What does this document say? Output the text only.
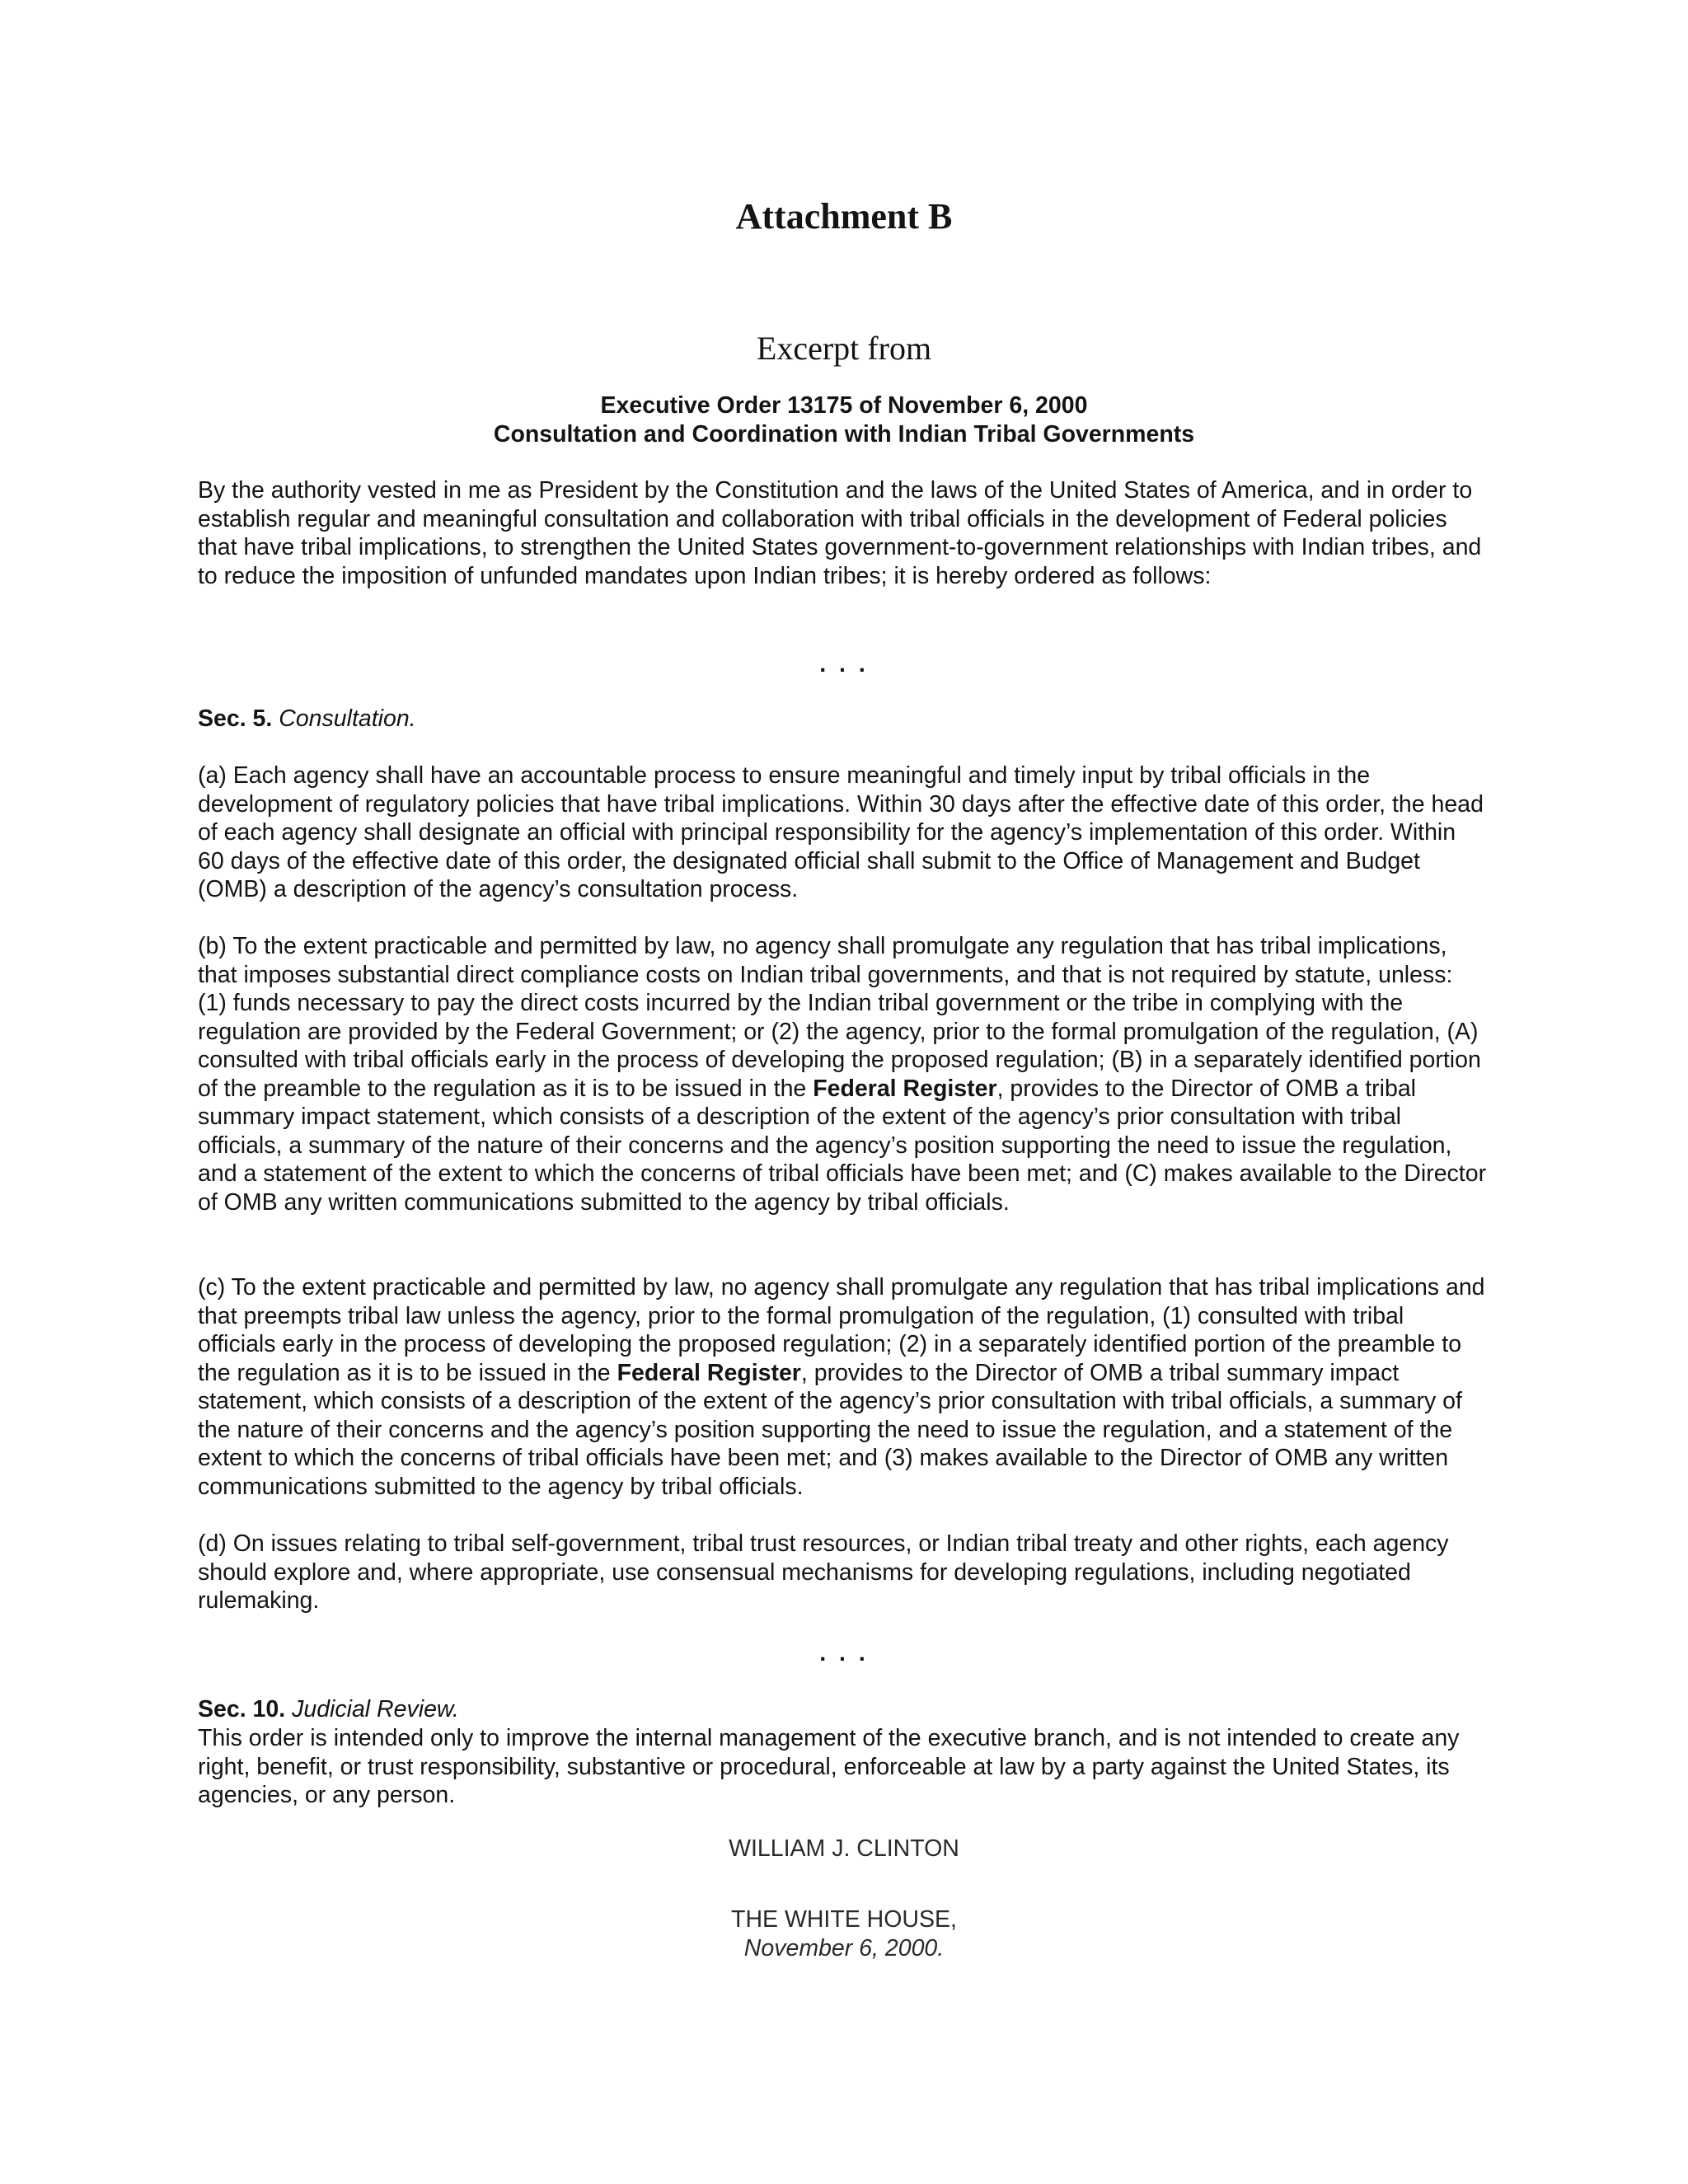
Attachment B

Excerpt from

Executive Order 13175 of November 6, 2000
Consultation and Coordination with Indian Tribal Governments

By the authority vested in me as President by the Constitution and the laws of the United States of America, and in order to establish regular and meaningful consultation and collaboration with tribal officials in the development of Federal policies that have tribal implications, to strengthen the United States government-to-government relationships with Indian tribes, and to reduce the imposition of unfunded mandates upon Indian tribes; it is hereby ordered as follows:

. . .

Sec. 5. Consultation.

(a) Each agency shall have an accountable process to ensure meaningful and timely input by tribal officials in the development of regulatory policies that have tribal implications. Within 30 days after the effective date of this order, the head of each agency shall designate an official with principal responsibility for the agency’s implementation of this order. Within 60 days of the effective date of this order, the designated official shall submit to the Office of Management and Budget (OMB) a description of the agency’s consultation process.

(b) To the extent practicable and permitted by law, no agency shall promulgate any regulation that has tribal implications, that imposes substantial direct compliance costs on Indian tribal governments, and that is not required by statute, unless: (1) funds necessary to pay the direct costs incurred by the Indian tribal government or the tribe in complying with the regulation are provided by the Federal Government; or (2) the agency, prior to the formal promulgation of the regulation, (A) consulted with tribal officials early in the process of developing the proposed regulation; (B) in a separately identified portion of the preamble to the regulation as it is to be issued in the Federal Register, provides to the Director of OMB a tribal summary impact statement, which consists of a description of the extent of the agency’s prior consultation with tribal officials, a summary of the nature of their concerns and the agency’s position supporting the need to issue the regulation, and a statement of the extent to which the concerns of tribal officials have been met; and (C) makes available to the Director of OMB any written communications submitted to the agency by tribal officials.

(c) To the extent practicable and permitted by law, no agency shall promulgate any regulation that has tribal implications and that preempts tribal law unless the agency, prior to the formal promulgation of the regulation, (1) consulted with tribal officials early in the process of developing the proposed regulation; (2) in a separately identified portion of the preamble to the regulation as it is to be issued in the Federal Register, provides to the Director of OMB a tribal summary impact statement, which consists of a description of the extent of the agency’s prior consultation with tribal officials, a summary of the nature of their concerns and the agency’s position supporting the need to issue the regulation, and a statement of the extent to which the concerns of tribal officials have been met; and (3) makes available to the Director of OMB any written communications submitted to the agency by tribal officials.

(d) On issues relating to tribal self-government, tribal trust resources, or Indian tribal treaty and other rights, each agency should explore and, where appropriate, use consensual mechanisms for developing regulations, including negotiated rulemaking.

. . .

Sec. 10. Judicial Review.

This order is intended only to improve the internal management of the executive branch, and is not intended to create any right, benefit, or trust responsibility, substantive or procedural, enforceable at law by a party against the United States, its agencies, or any person.

WILLIAM J. CLINTON

THE WHITE HOUSE,

November 6, 2000.
